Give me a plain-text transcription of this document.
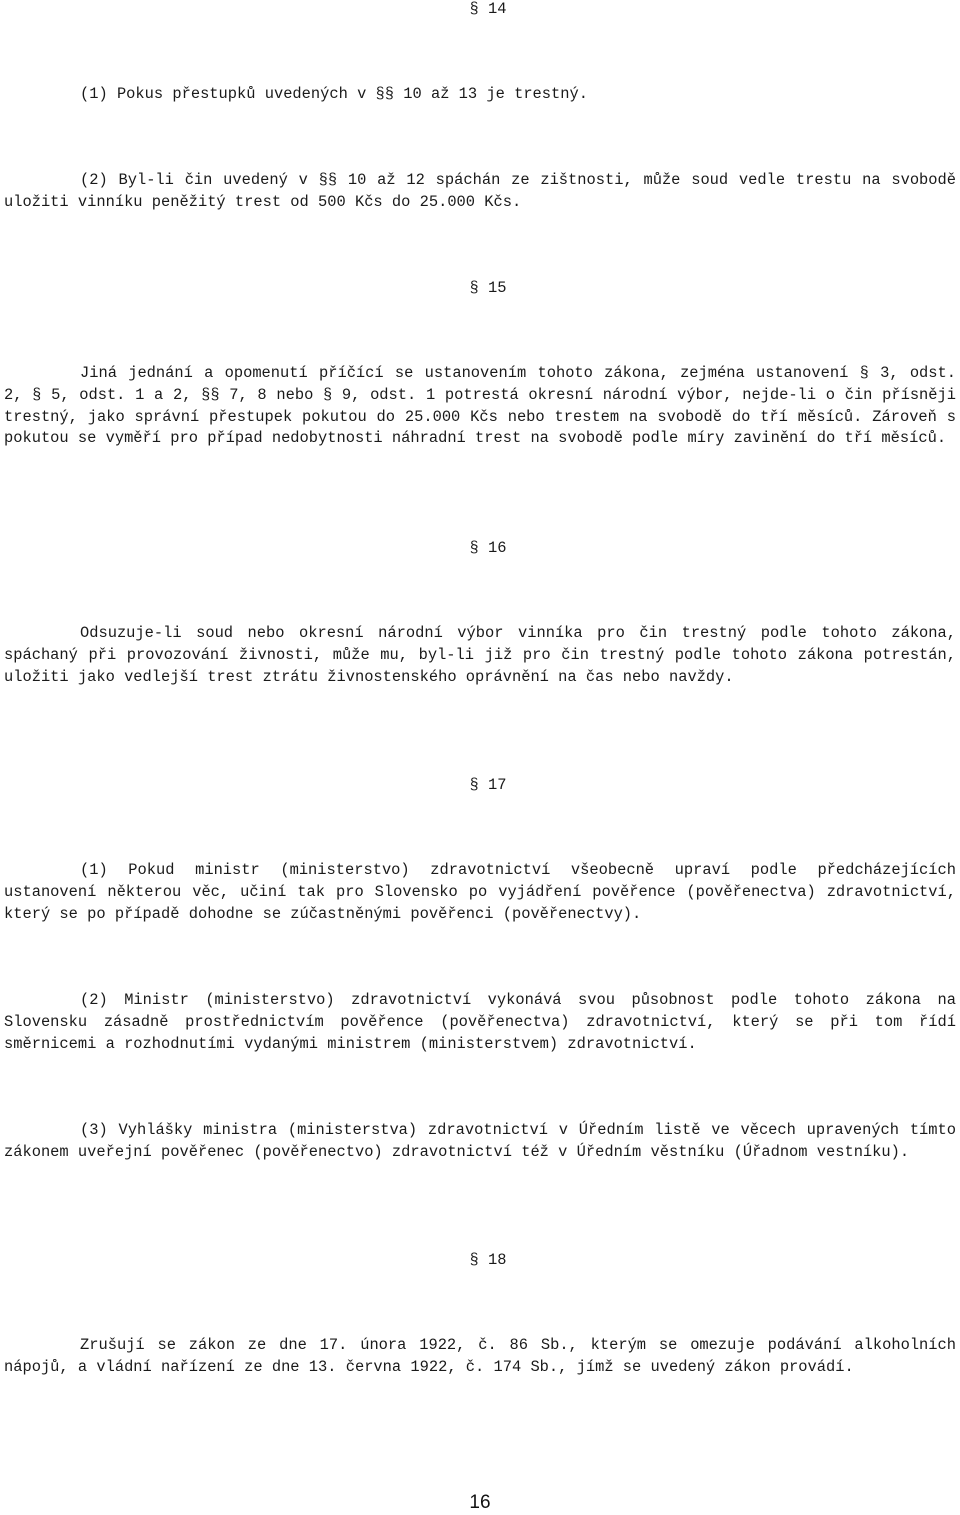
§ 14

(1) Pokus přestupků uvedených v §§ 10 až 13 je trestný.

(2) Byl-li čin uvedený v §§ 10 až 12 spáchán ze zištnosti, může soud vedle trestu na svobodě uložiti vinníku peněžitý trest od 500 Kčs do 25.000 Kčs.

§ 15

Jiná jednání a opomenutí příčící se ustanovením tohoto zákona, zejména ustanovení § 3, odst. 2, § 5, odst. 1 a 2, §§ 7, 8 nebo § 9, odst. 1 potrestá okresní národní výbor, nejde-li o čin přísněji trestný, jako správní přestupek pokutou do 25.000 Kčs nebo trestem na svobodě do tří měsíců. Zároveň s pokutou se vyměří pro případ nedobytnosti náhradní trest na svobodě podle míry zavinění do tří měsíců.

§ 16

Odsuzuje-li soud nebo okresní národní výbor vinníka pro čin trestný podle tohoto zákona, spáchaný při provozování živnosti, může mu, byl-li již pro čin trestný podle tohoto zákona potrestán, uložiti jako vedlejší trest ztrátu živnostenského oprávnění na čas nebo navždy.

§ 17

(1) Pokud ministr (ministerstvo) zdravotnictví všeobecně upraví podle předcházejících ustanovení některou věc, učiní tak pro Slovensko po vyjádření pověřence (pověřenectva) zdravotnictví, který se po případě dohodne se zúčastněnými pověřenci (pověřenectvy).

(2) Ministr (ministerstvo) zdravotnictví vykonává svou působnost podle tohoto zákona na Slovensku zásadně prostřednictvím pověřence (pověřenectva) zdravotnictví, který se při tom řídí směrnicemi a rozhodnutími vydanými ministrem (ministerstvem) zdravotnictví.

(3) Vyhlášky ministra (ministerstva) zdravotnictví v Úředním listě ve věcech upravených tímto zákonem uveřejní pověřenec (pověřenectvo) zdravotnictví též v Úředním věstníku (Úřadnom vestníku).

§ 18

Zrušují se zákon ze dne 17. února 1922, č. 86 Sb., kterým se omezuje podávání alkoholních nápojů, a vládní nařízení ze dne 13. června 1922, č. 174 Sb., jímž se uvedený zákon provádí.

16
